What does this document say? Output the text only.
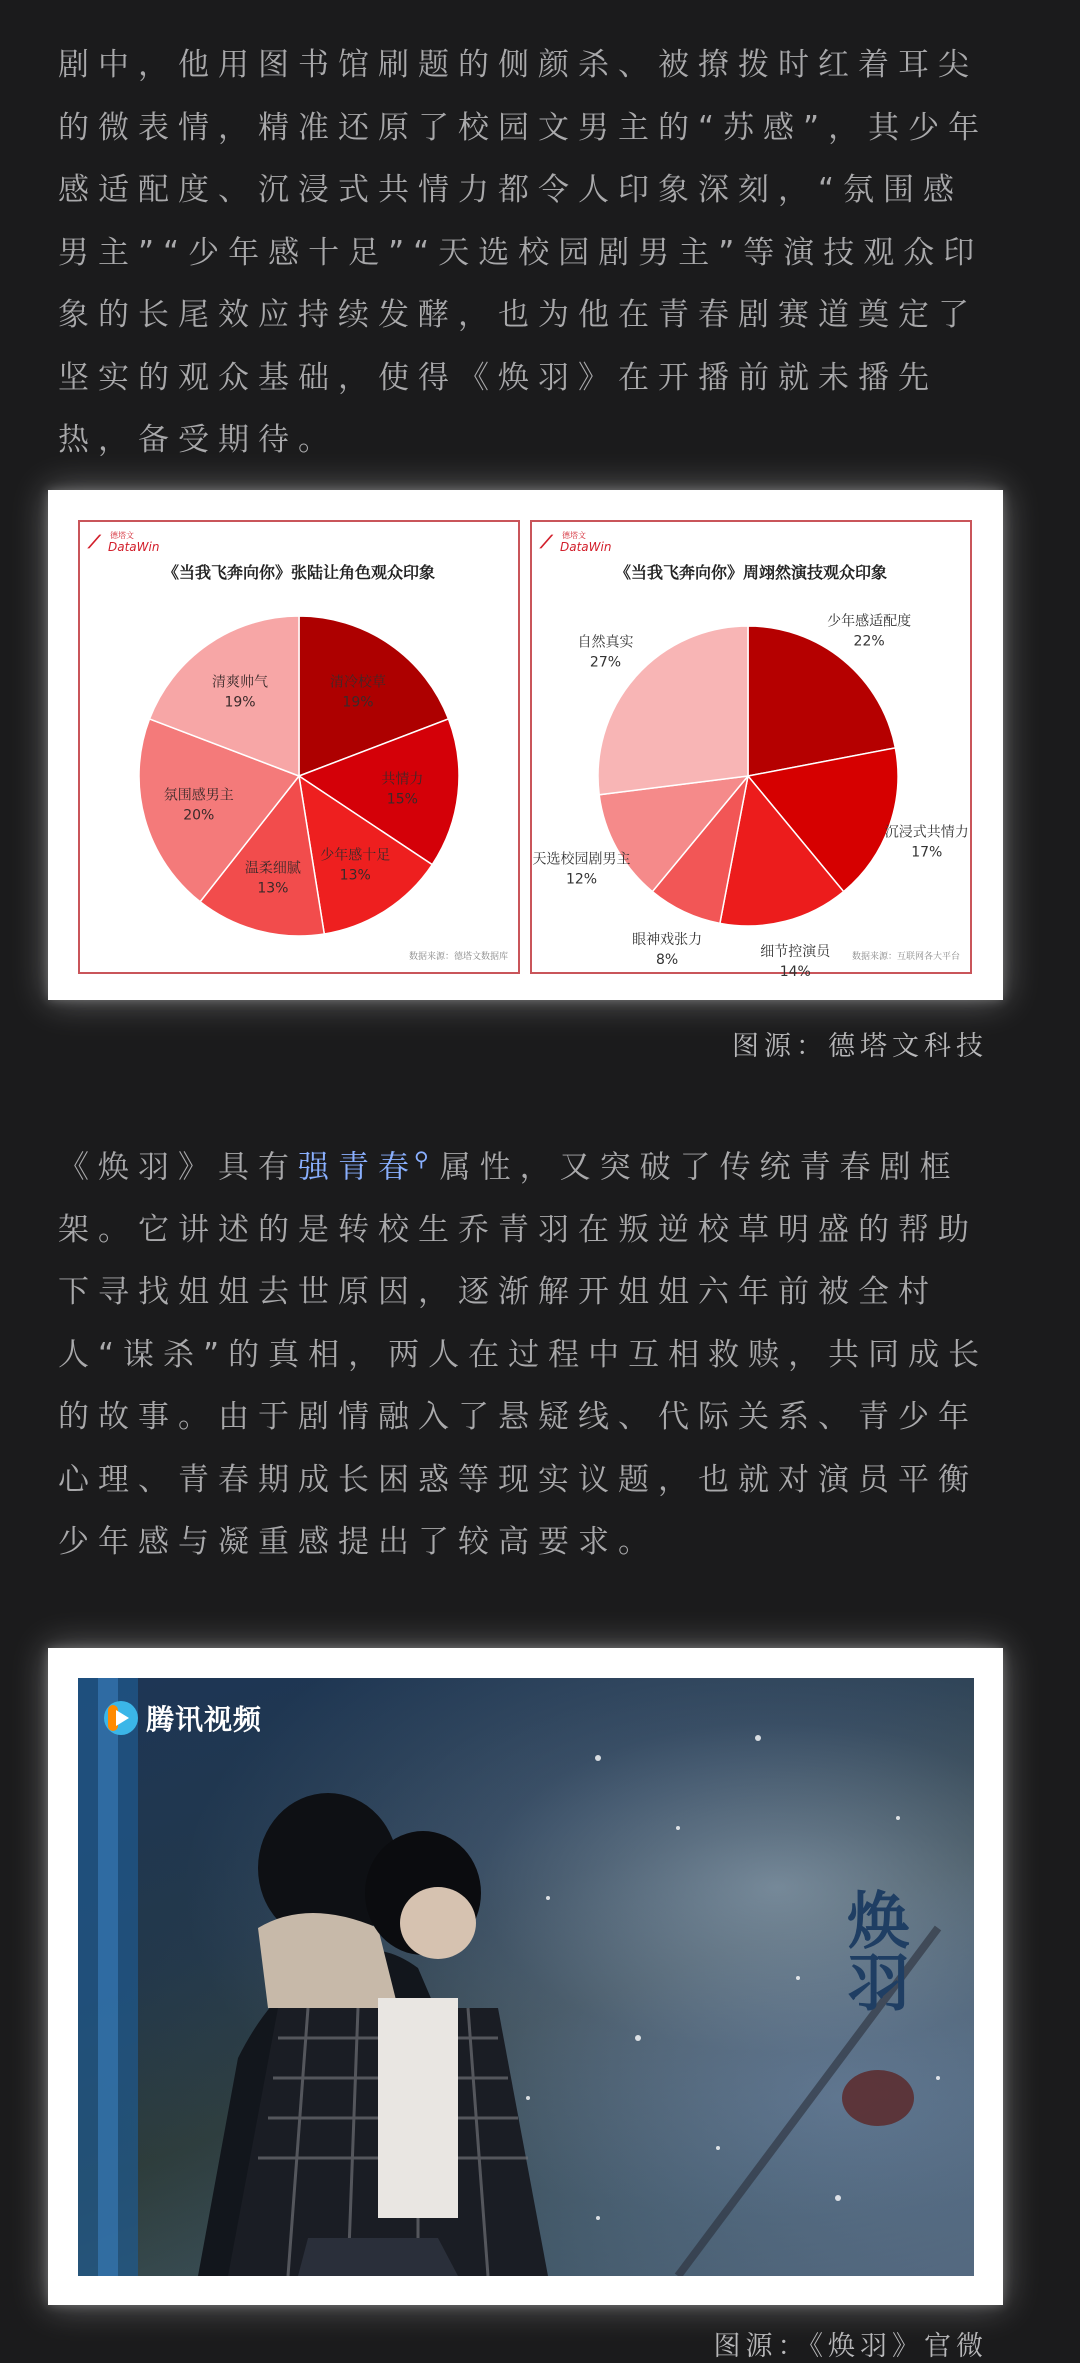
剧中，他用图书馆刷题的侧颜杀、被撩拨时红着耳尖的微表情，精准还原了校园文男主的“苏感”，其少年感适配度、沉浸式共情力都令人印象深刻，“氛围感男主”“少年感十足”“天选校园剧男主”等演技观众印象的长尾效应持续发酵，也为他在青春剧赛道奠定了坚实的观众基础，使得《焕羽》在开播前就未播先热，备受期待。

⟋ 德塔文
DataWin
《当我飞奔向你》张陆让角色观众印象
清冷校草
19%
共情力
15%
少年感十足
13%
温柔细腻
13%
氛围感男主
20%
清爽帅气
19%
数据来源：德塔文数据库
⟋ 德塔文
DataWin
《当我飞奔向你》周翊然演技观众印象
少年感适配度
22%
沉浸式共情力
17%
细节控演员
14%
眼神戏张力
8%
天选校园剧男主
12%
自然真实
27%
数据来源：互联网各大平台
图源：德塔文科技

《焕羽》具有强青春⚲属性，又突破了传统青春剧框架。它讲述的是转校生乔青羽在叛逆校草明盛的帮助下寻找姐姐去世原因，逐渐解开姐姐六年前被全村人“谋杀”的真相，两人在过程中互相救赎，共同成长的故事。由于剧情融入了悬疑线、代际关系、青少年心理、青春期成长困惑等现实议题，也就对演员平衡少年感与凝重感提出了较高要求。

腾讯视频
焕羽
图源：《焕羽》官微
